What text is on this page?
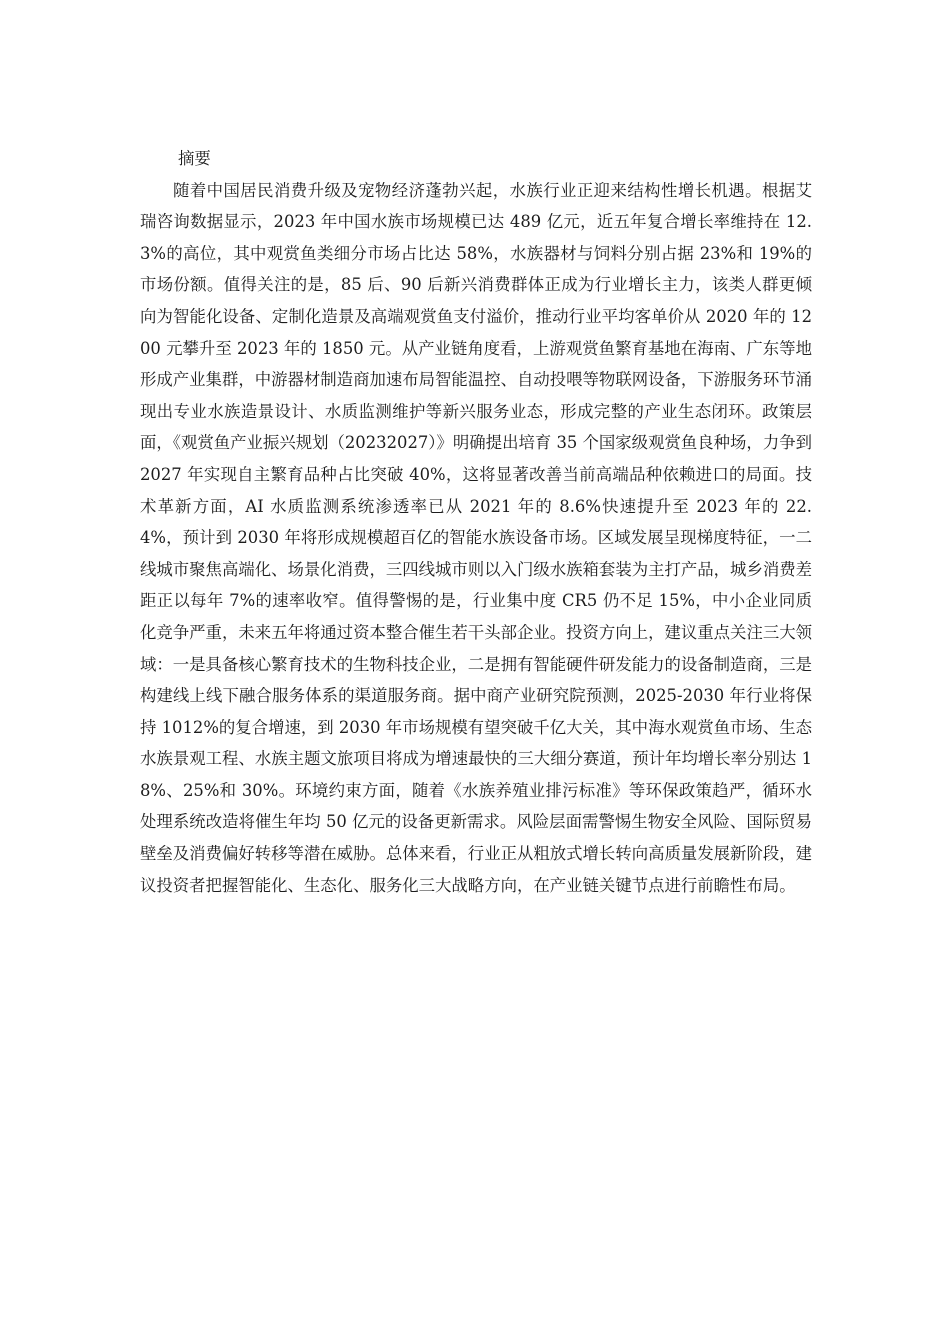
摘要

随着中国居民消费升级及宠物经济蓬勃兴起，水族行业正迎来结构性增长机遇。根据艾瑞咨询数据显示，2023 年中国水族市场规模已达 489 亿元，近五年复合增长率维持在 12.3%的高位，其中观赏鱼类细分市场占比达 58%，水族器材与饲料分别占据 23%和 19%的市场份额。值得关注的是，85 后、90 后新兴消费群体正成为行业增长主力，该类人群更倾向为智能化设备、定制化造景及高端观赏鱼支付溢价，推动行业平均客单价从 2020 年的 1200 元攀升至 2023 年的 1850 元。从产业链角度看，上游观赏鱼繁育基地在海南、广东等地形成产业集群，中游器材制造商加速布局智能温控、自动投喂等物联网设备，下游服务环节涌现出专业水族造景设计、水质监测维护等新兴服务业态，形成完整的产业生态闭环。政策层面，《观赏鱼产业振兴规划（20232027）》明确提出培育 35 个国家级观赏鱼良种场，力争到 2027 年实现自主繁育品种占比突破 40%，这将显著改善当前高端品种依赖进口的局面。技术革新方面，AI 水质监测系统渗透率已从 2021 年的 8.6%快速提升至 2023 年的 22.4%，预计到 2030 年将形成规模超百亿的智能水族设备市场。区域发展呈现梯度特征，一二线城市聚焦高端化、场景化消费，三四线城市则以入门级水族箱套装为主打产品，城乡消费差距正以每年 7%的速率收窄。值得警惕的是，行业集中度 CR5 仍不足 15%，中小企业同质化竞争严重，未来五年将通过资本整合催生若干头部企业。投资方向上，建议重点关注三大领域：一是具备核心繁育技术的生物科技企业，二是拥有智能硬件研发能力的设备制造商，三是构建线上线下融合服务体系的渠道服务商。据中商产业研究院预测，2025-2030 年行业将保持 1012%的复合增速，到 2030 年市场规模有望突破千亿大关，其中海水观赏鱼市场、生态水族景观工程、水族主题文旅项目将成为增速最快的三大细分赛道，预计年均增长率分别达 18%、25%和 30%。环境约束方面，随着《水族养殖业排污标准》等环保政策趋严，循环水处理系统改造将催生年均 50 亿元的设备更新需求。风险层面需警惕生物安全风险、国际贸易壁垒及消费偏好转移等潜在威胁。总体来看，行业正从粗放式增长转向高质量发展新阶段，建议投资者把握智能化、生态化、服务化三大战略方向，在产业链关键节点进行前瞻性布局。
